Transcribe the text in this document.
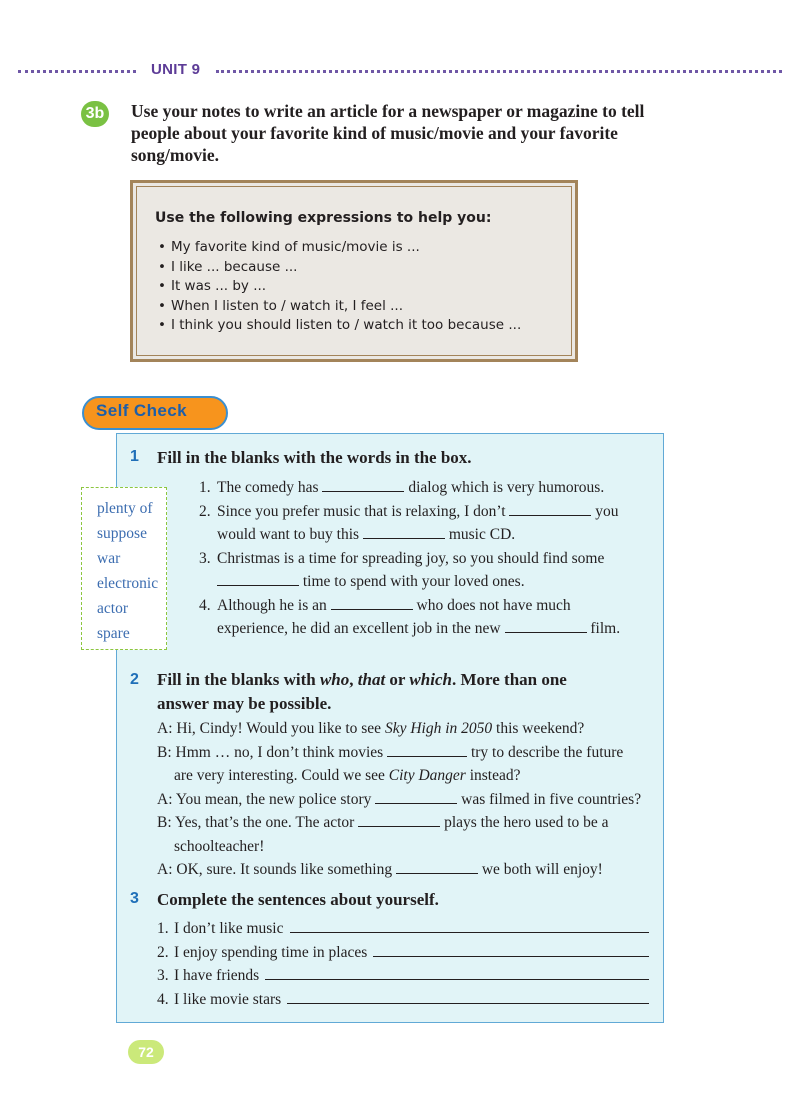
UNIT 9
3b Use your notes to write an article for a newspaper or magazine to tell people about your favorite kind of music/movie and your favorite song/movie.
Use the following expressions to help you:
• My favorite kind of music/movie is ...
• I like ... because ...
• It was ... by ...
• When I listen to / watch it, I feel ...
• I think you should listen to / watch it too because ...
Self Check
1 Fill in the blanks with the words in the box.
plenty of
suppose
war
electronic
actor
spare
1. The comedy has	dialog which is very humorous.
2. Since you prefer music that is relaxing, I don’t	you
would want to buy this	music CD.
3. Christmas is a time for spreading joy, so you should find some
time to spend with your loved ones.
4. Although he is an	who does not have much
experience, he did an excellent job in the new	film.
2 Fill in the blanks with who, that or which. More than one
answer may be possible.
A: Hi, Cindy! Would you like to see Sky High in 2050 this weekend?
B: Hmm … no, I don’t think movies	try to describe the future
are very interesting. Could we see City Danger instead?
A: You mean, the new police story	was filmed in five countries?
B: Yes, that’s the one. The actor	plays the hero used to be a
schoolteacher!
A: OK, sure. It sounds like something	we both will enjoy!
3 Complete the sentences about yourself.
1. I don’t like music
2. I enjoy spending time in places
3. I have friends
4. I like movie stars
72
